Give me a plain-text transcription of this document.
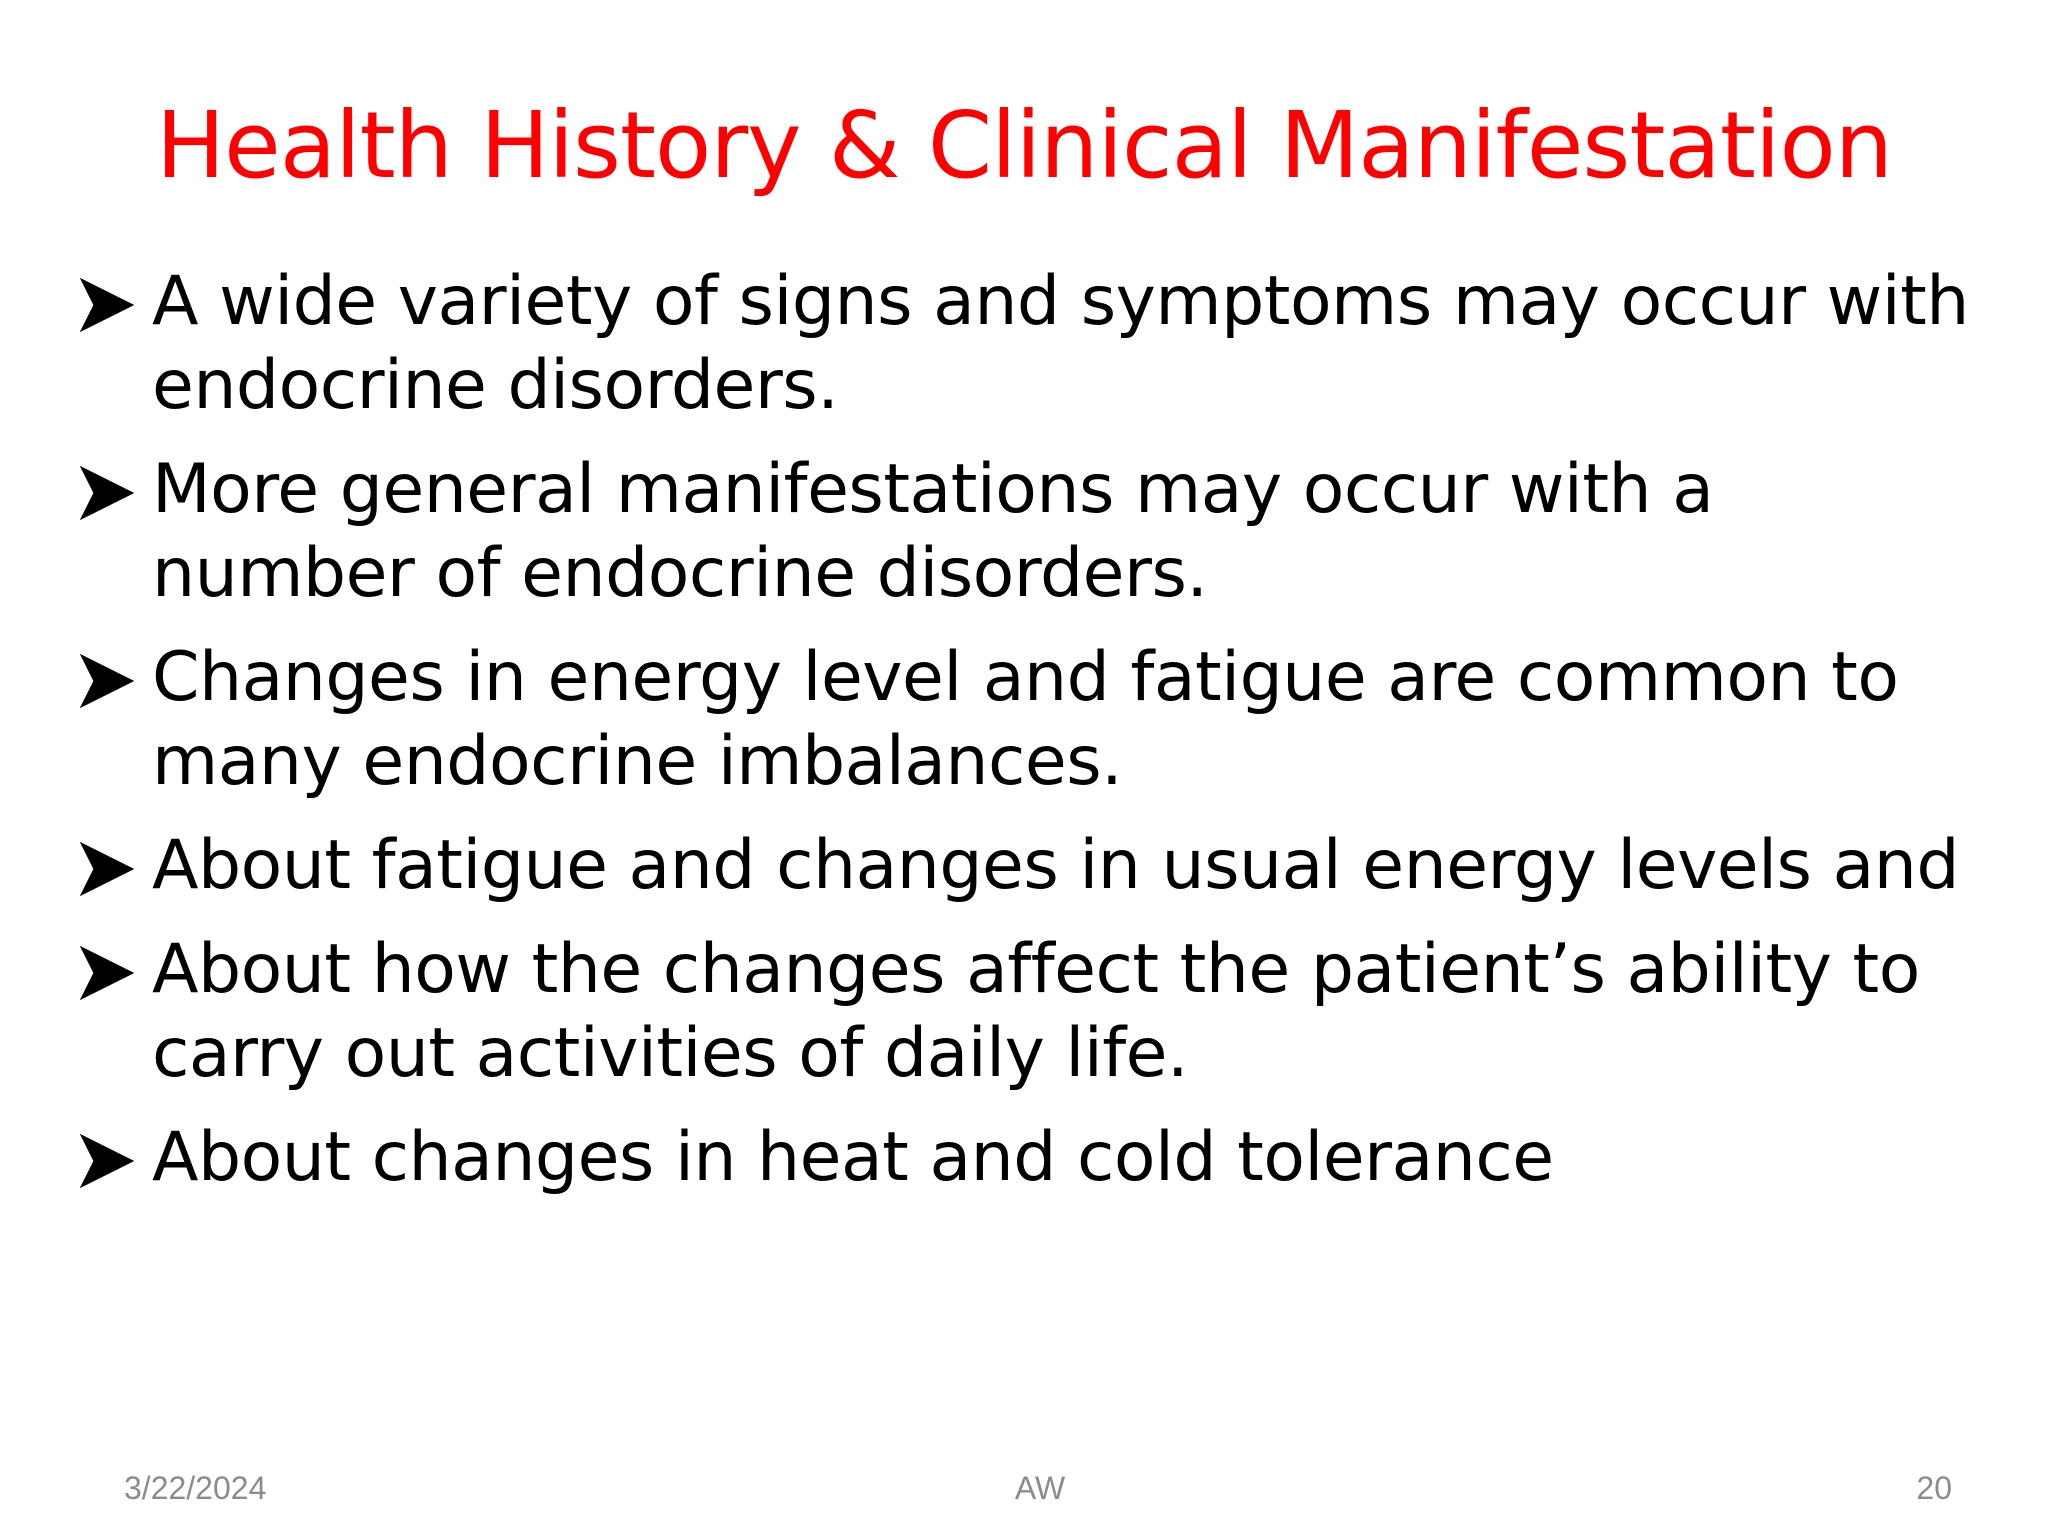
Health History & Clinical Manifestation
A wide variety of signs and symptoms may occur with endocrine disorders.
More general manifestations may occur with a number of endocrine disorders.
Changes in energy level and fatigue are common to many endocrine imbalances.
About fatigue and changes in usual energy levels and
About how the changes affect the patient’s ability to carry out activities of daily life.
About changes in heat and cold tolerance
3/22/2024	AW	20
